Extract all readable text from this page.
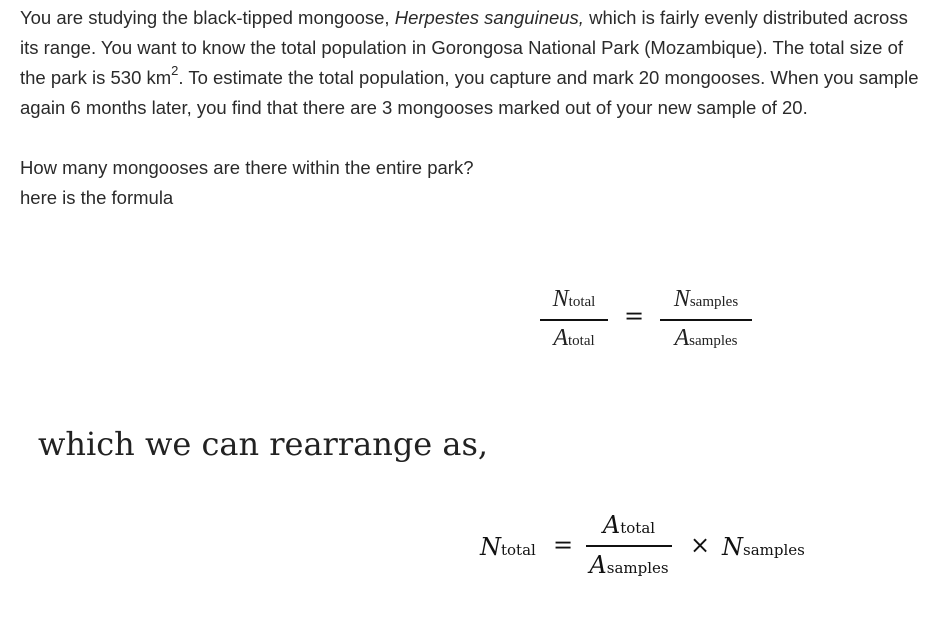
You are studying the black-tipped mongoose, Herpestes sanguineus, which is fairly evenly distributed across its range. You want to know the total population in Gorongosa National Park (Mozambique). The total size of the park is 530 $km^2$. To estimate the total population, you capture and mark 20 mongooses. When you sample again 6 months later, you find that there are 3 mongooses marked out of your new sample of 20.

How many mongooses are there within the entire park?

here is the formula

Ntotal
Atotal
=
Nsamples
Asamples
which we can rearrange as,
Ntotal =
Atotal
Asamples
× Nsamples
